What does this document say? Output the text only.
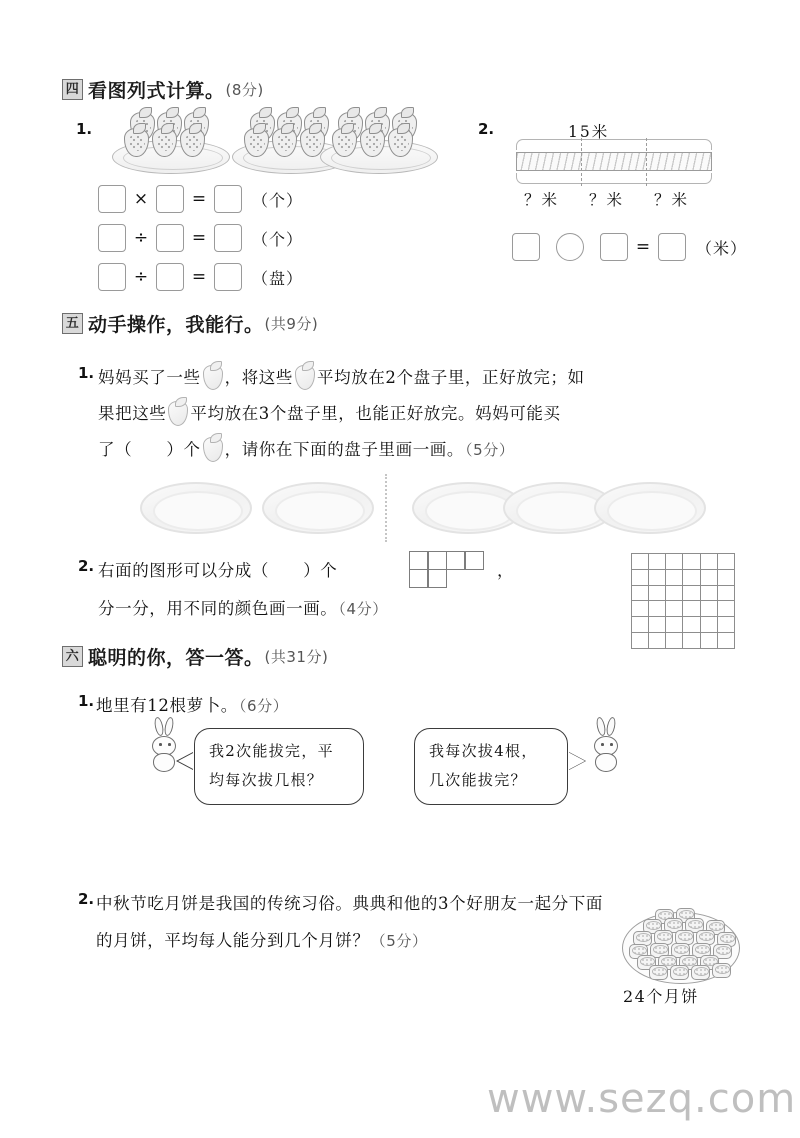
四 看图列式计算。 (8分)
1.
×	=	（个）
÷	=	（个）
÷	=	（盘）
2.	15米
？米 ？米 ？米
=	（米）
五 动手操作，我能行。 (共9分)
1. 妈妈买了一些 ，将这些 平均放在2个盘子里，正好放完；如
果把这些 平均放在3个盘子里，也能正好放完。妈妈可能买
了（　　）个 ，请你在下面的盘子里画一画。（5分）
2. 右面的图形可以分成（　　）个	，
分一分，用不同的颜色画一画。（4分）
六 聪明的你，答一答。 (共31分)
1. 地里有12根萝卜。（6分）
我2次能拔完，平
均每次拔几根？
我每次拔4根，
几次能拔完？
2. 中秋节吃月饼是我国的传统习俗。典典和他的3个好朋友一起分下面
的月饼，平均每人能分到几个月饼？（5分）
24个月饼
www.sezq.com
